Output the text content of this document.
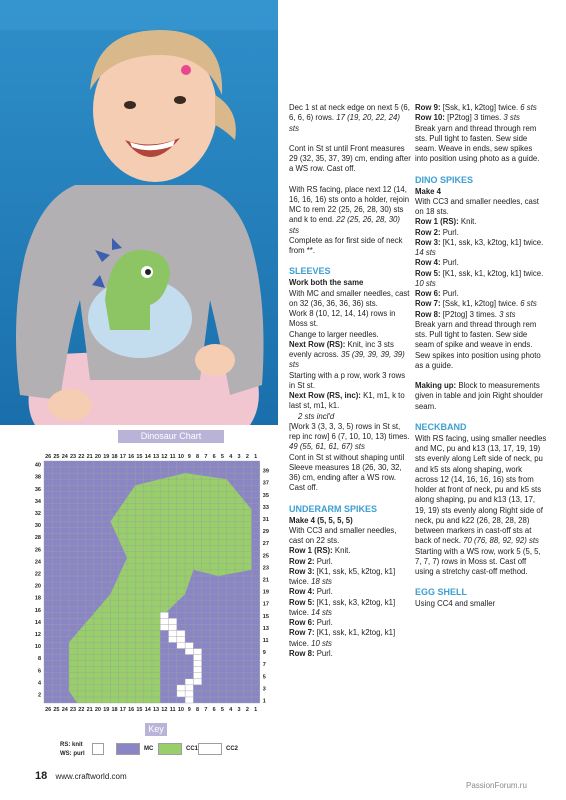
Dinosaur Chart
26 25 24 23 22 21 20 19 18 17 16 15 14 13 12 11 10 9 8 7 6 5 4 3 2 1
26 25 24 23 22 21 20 19 18 17 16 15 14 13 12 11 10 9 8 7 6 5 4 3 2 1
40
38
36
34
32
30
28
26
24
22
20
18
16
14
12
10
8
6
4
2
39
37
35
33
31
29
27
25
23
21
19
17
15
13
11
9
7
5
3
1
Key
RS: knit
WS: purl
MC	CC1	CC2
18 www.craftworld.com
PassionForum.ru

Dec 1 st at neck edge on next 5 (6, 6, 6, 6) rows. 17 (19, 20, 22, 24) sts

Cont in St st until Front measures 29 (32, 35, 37, 39) cm, ending after a WS row. Cast off.

With RS facing, place next 12 (14, 16, 16, 16) sts onto a holder, rejoin MC to rem 22 (25, 26, 28, 30) sts and k to end. 22 (25, 26, 28, 30) sts
Complete as for first side of neck from **.

SLEEVES

Work both the same

With MC and smaller needles, cast on 32 (36, 36, 36, 36) sts.

Work 8 (10, 12, 14, 14) rows in Moss st.

Change to larger needles.

Next Row (RS): Knit, inc 3 sts evenly across. 35 (39, 39, 39, 39) sts

Starting with a p row, work 3 rows in St st.

Next Row (RS, inc): K1, m1, k to last st, m1, k1.
2 sts incl'd

[Work 3 (3, 3, 3, 5) rows in St st, rep inc row] 6 (7, 10, 10, 13) times. 49 (55, 61, 61, 67) sts

Cont in St st without shaping until Sleeve measures 18 (26, 30, 32, 36) cm, ending after a WS row.

Cast off.

UNDERARM SPIKES

Make 4 (5, 5, 5, 5)

With CC3 and smaller needles, cast on 22 sts.

Row 1 (RS): Knit.

Row 2: Purl.

Row 3: [K1, ssk, k5, k2tog, k1] twice. 18 sts

Row 4: Purl.

Row 5: [K1, ssk, k3, k2tog, k1] twice. 14 sts

Row 6: Purl.

Row 7: [K1, ssk, k1, k2tog, k1] twice. 10 sts

Row 8: Purl.

Row 9: [Ssk, k1, k2tog] twice. 6 sts

Row 10: [P2tog] 3 times. 3 sts

Break yarn and thread through rem sts. Pull tight to fasten. Sew side seam. Weave in ends, sew spikes into position using photo as a guide.

DINO SPIKES

Make 4

With CC3 and smaller needles, cast on 18 sts.

Row 1 (RS): Knit.

Row 2: Purl.

Row 3: [K1, ssk, k3, k2tog, k1] twice. 14 sts

Row 4: Purl.

Row 5: [K1, ssk, k1, k2tog, k1] twice. 10 sts

Row 6: Purl.

Row 7: [Ssk, k1, k2tog] twice. 6 sts

Row 8: [P2tog] 3 times. 3 sts

Break yarn and thread through rem sts. Pull tight to fasten. Sew side seam of spike and weave in ends. Sew spikes into position using photo as a guide.

Making up: Block to measurements given in table and join Right shoulder seam.

NECKBAND

With RS facing, using smaller needles and MC, pu and k13 (13, 17, 19, 19) sts evenly along Left side of neck, pu and k5 sts along shaping, work across 12 (14, 16, 16, 16) sts from holder at front of neck, pu and k5 sts along shaping, pu and k13 (13, 17, 19, 19) sts evenly along Right side of neck, pu and k22 (26, 28, 28, 28) between markers in cast-off sts at back of neck. 70 (76, 88, 92, 92) sts

Starting with a WS row, work 5 (5, 5, 7, 7, 7) rows in Moss st. Cast off using a stretchy cast-off method.

EGG SHELL

Using CC4 and smaller
